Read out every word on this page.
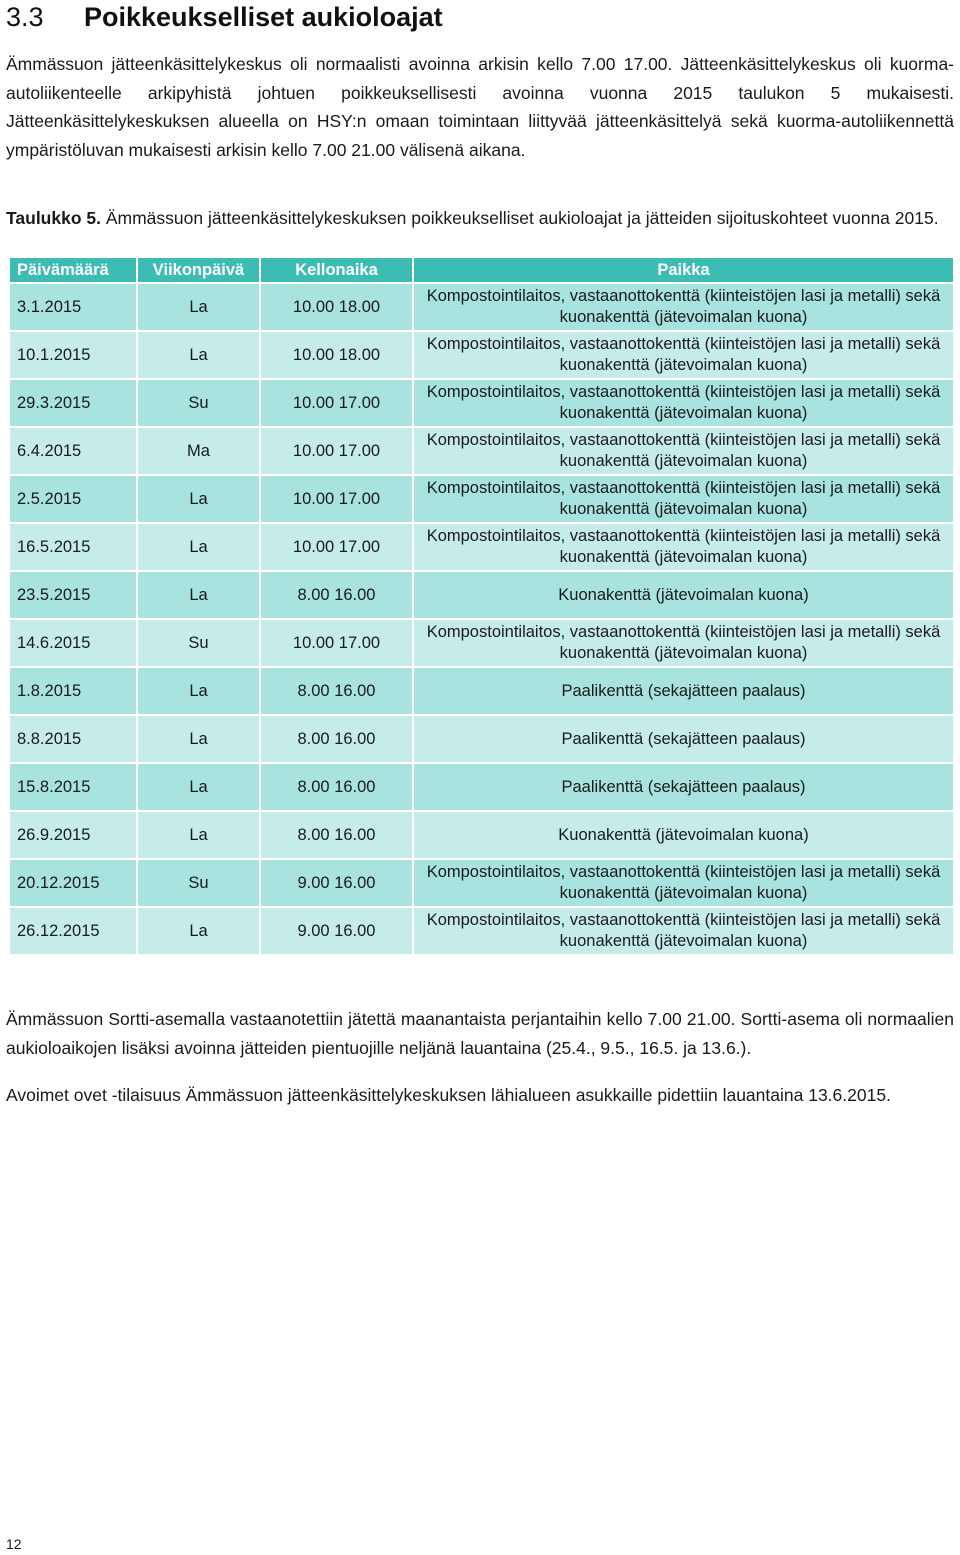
3.3 Poikkeukselliset aukioloajat

Ämmässuon jätteenkäsittelykeskus oli normaalisti avoinna arkisin kello 7.00 17.00. Jätteenkäsittelykeskus oli kuorma-autoliikenteelle arkipyhistä johtuen poikkeuksellisesti avoinna vuonna 2015 taulukon 5 mukaisesti. Jätteenkäsittelykeskuksen alueella on HSY:n omaan toimintaan liittyvää jätteenkäsittelyä sekä kuorma-autoliikennettä ympäristöluvan mukaisesti arkisin kello 7.00 21.00 välisenä aikana.

Taulukko 5. Ämmässuon jätteenkäsittelykeskuksen poikkeukselliset aukioloajat ja jätteiden sijoituskohteet vuonna 2015.

Päivämäärä	Viikonpäivä	Kellonaika	Paikka
3.1.2015	La	10.00 18.00	Kompostointilaitos, vastaanottokenttä (kiinteistöjen lasi ja metalli) sekä kuonakenttä (jätevoimalan kuona)
10.1.2015	La	10.00 18.00	Kompostointilaitos, vastaanottokenttä (kiinteistöjen lasi ja metalli) sekä kuonakenttä (jätevoimalan kuona)
29.3.2015	Su	10.00 17.00	Kompostointilaitos, vastaanottokenttä (kiinteistöjen lasi ja metalli) sekä kuonakenttä (jätevoimalan kuona)
6.4.2015	Ma	10.00 17.00	Kompostointilaitos, vastaanottokenttä (kiinteistöjen lasi ja metalli) sekä kuonakenttä (jätevoimalan kuona)
2.5.2015	La	10.00 17.00	Kompostointilaitos, vastaanottokenttä (kiinteistöjen lasi ja metalli) sekä kuonakenttä (jätevoimalan kuona)
16.5.2015	La	10.00 17.00	Kompostointilaitos, vastaanottokenttä (kiinteistöjen lasi ja metalli) sekä kuonakenttä (jätevoimalan kuona)
23.5.2015	La	8.00 16.00	Kuonakenttä (jätevoimalan kuona)
14.6.2015	Su	10.00 17.00	Kompostointilaitos, vastaanottokenttä (kiinteistöjen lasi ja metalli) sekä kuonakenttä (jätevoimalan kuona)
1.8.2015	La	8.00 16.00	Paalikenttä (sekajätteen paalaus)
8.8.2015	La	8.00 16.00	Paalikenttä (sekajätteen paalaus)
15.8.2015	La	8.00 16.00	Paalikenttä (sekajätteen paalaus)
26.9.2015	La	8.00 16.00	Kuonakenttä (jätevoimalan kuona)
20.12.2015	Su	9.00 16.00	Kompostointilaitos, vastaanottokenttä (kiinteistöjen lasi ja metalli) sekä kuonakenttä (jätevoimalan kuona)
26.12.2015	La	9.00 16.00	Kompostointilaitos, vastaanottokenttä (kiinteistöjen lasi ja metalli) sekä kuonakenttä (jätevoimalan kuona)

Ämmässuon Sortti-asemalla vastaanotettiin jätettä maanantaista perjantaihin kello 7.00 21.00. Sortti-asema oli normaalien aukioloaikojen lisäksi avoinna jätteiden pientuojille neljänä lauantaina (25.4., 9.5., 16.5. ja 13.6.).

Avoimet ovet -tilaisuus Ämmässuon jätteenkäsittelykeskuksen lähialueen asukkaille pidettiin lauantaina 13.6.2015.

12
